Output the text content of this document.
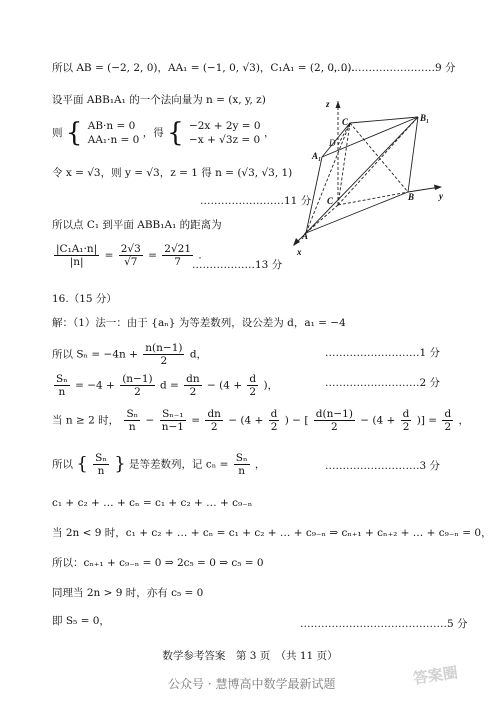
所以 AB = (−2, 2, 0)，AA₁ = (−1, 0, √3)，C₁A₁ = (2, 0, 0).
…………………………9 分
设平面 ABB₁A₁ 的一个法向量为 n = (x, y, z)
则 { AB·n = 0
AA₁·n = 0
，得 { −2x + 2y = 0
−x + √3z = 0
，
令 x = √3，则 y = √3，z = 1 得 n = (√3, √3, 1)
……………………11 分
所以点 C₁ 到平面 ABB₁A₁ 的距离为
$\frac{\text{|C₁A₁·n|}}{|n|} = \frac{2√3}{√7} = \frac{2√21}{7}$ .
………………13 分
z
C₁	B₁
D
A₁
C	B	y
A
x
16.（15 分）
解：（1）法一：由于 {aₙ} 为等差数列，设公差为 d，a₁ = −4
所以 $S_n = -4n + \frac{n(n-1)}{2}$ d，	………………………1 分
$\frac{\text{Sₙ}}{n} = -4 + \frac{(n-1)}{2}$ $d = \frac{dn}{2} - (4 + \frac{d}{2}$ )，	………………………2 分
当 n ≥ 2 时， $\frac{\text{Sₙ}}{n} - \frac{\text{Sₙ₋₁}}{n-1} = \frac{dn}{2} - (4 + \frac{d}{2}$ ) − [ $\frac{d(n-1)}{2} - (4 + \frac{d}{2}$ )] = $\frac{d}{2}$ ，
所以 { $\frac{\text{Sₙ}}{n}$ } 是等差数列，记 $c_n = \frac{\text{Sₙ}}{n}$ ，	………………………3 分
c₁ + c₂ + … + cₙ = c₁ + c₂ + … + c₉₋ₙ
当 2n < 9 时，c₁ + c₂ + … + cₙ = c₁ + c₂ + … + c₉₋ₙ ⇒ cₙ₊₁ + cₙ₊₂ + … + c₉₋ₙ = 0，
所以：cₙ₊₁ + c₉₋ₙ = 0 ⇒ 2c₅ = 0 ⇒ c₅ = 0
同理当 2n > 9 时，亦有 c₅ = 0
即 S₅ = 0，	……………………………………5 分
数学参考答案　第 3 页　（共 11 页）
公众号 · 慧博高中数学最新试题	答案圈
